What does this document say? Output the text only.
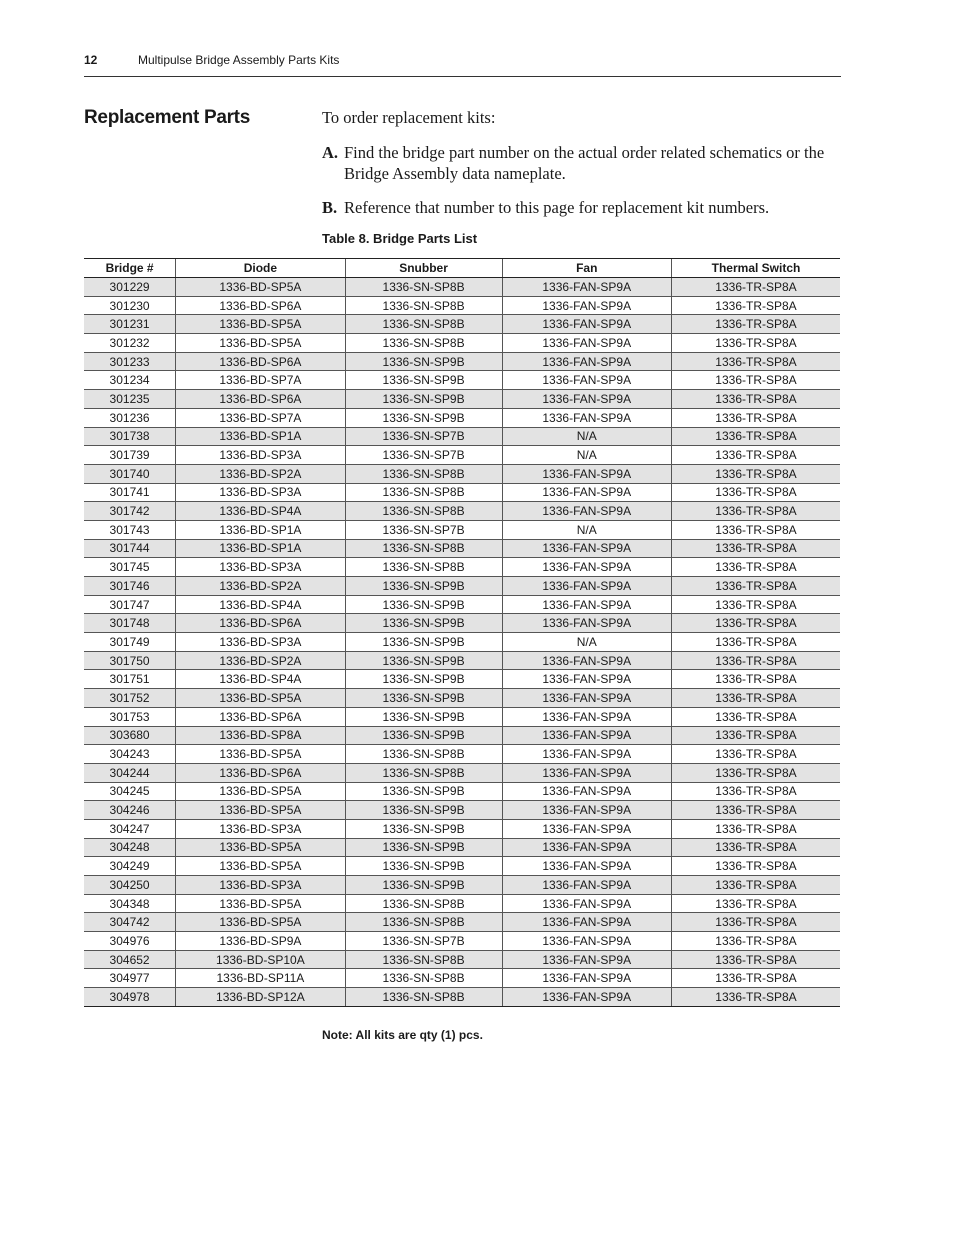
12	Multipulse Bridge Assembly Parts Kits
Replacement Parts	To order replacement kits:
A. Find the bridge part number on the actual order related schematics or the Bridge Assembly data nameplate.
B. Reference that number to this page for replacement kit numbers.
Table 8. Bridge Parts List
Bridge #	Diode	Snubber	Fan	Thermal Switch
301229	1336-BD-SP5A	1336-SN-SP8B	1336-FAN-SP9A	1336-TR-SP8A
301230	1336-BD-SP6A	1336-SN-SP8B	1336-FAN-SP9A	1336-TR-SP8A
301231	1336-BD-SP5A	1336-SN-SP8B	1336-FAN-SP9A	1336-TR-SP8A
301232	1336-BD-SP5A	1336-SN-SP8B	1336-FAN-SP9A	1336-TR-SP8A
301233	1336-BD-SP6A	1336-SN-SP9B	1336-FAN-SP9A	1336-TR-SP8A
301234	1336-BD-SP7A	1336-SN-SP9B	1336-FAN-SP9A	1336-TR-SP8A
301235	1336-BD-SP6A	1336-SN-SP9B	1336-FAN-SP9A	1336-TR-SP8A
301236	1336-BD-SP7A	1336-SN-SP9B	1336-FAN-SP9A	1336-TR-SP8A
301738	1336-BD-SP1A	1336-SN-SP7B	N/A	1336-TR-SP8A
301739	1336-BD-SP3A	1336-SN-SP7B	N/A	1336-TR-SP8A
301740	1336-BD-SP2A	1336-SN-SP8B	1336-FAN-SP9A	1336-TR-SP8A
301741	1336-BD-SP3A	1336-SN-SP8B	1336-FAN-SP9A	1336-TR-SP8A
301742	1336-BD-SP4A	1336-SN-SP8B	1336-FAN-SP9A	1336-TR-SP8A
301743	1336-BD-SP1A	1336-SN-SP7B	N/A	1336-TR-SP8A
301744	1336-BD-SP1A	1336-SN-SP8B	1336-FAN-SP9A	1336-TR-SP8A
301745	1336-BD-SP3A	1336-SN-SP8B	1336-FAN-SP9A	1336-TR-SP8A
301746	1336-BD-SP2A	1336-SN-SP9B	1336-FAN-SP9A	1336-TR-SP8A
301747	1336-BD-SP4A	1336-SN-SP9B	1336-FAN-SP9A	1336-TR-SP8A
301748	1336-BD-SP6A	1336-SN-SP9B	1336-FAN-SP9A	1336-TR-SP8A
301749	1336-BD-SP3A	1336-SN-SP9B	N/A	1336-TR-SP8A
301750	1336-BD-SP2A	1336-SN-SP9B	1336-FAN-SP9A	1336-TR-SP8A
301751	1336-BD-SP4A	1336-SN-SP9B	1336-FAN-SP9A	1336-TR-SP8A
301752	1336-BD-SP5A	1336-SN-SP9B	1336-FAN-SP9A	1336-TR-SP8A
301753	1336-BD-SP6A	1336-SN-SP9B	1336-FAN-SP9A	1336-TR-SP8A
303680	1336-BD-SP8A	1336-SN-SP9B	1336-FAN-SP9A	1336-TR-SP8A
304243	1336-BD-SP5A	1336-SN-SP8B	1336-FAN-SP9A	1336-TR-SP8A
304244	1336-BD-SP6A	1336-SN-SP8B	1336-FAN-SP9A	1336-TR-SP8A
304245	1336-BD-SP5A	1336-SN-SP9B	1336-FAN-SP9A	1336-TR-SP8A
304246	1336-BD-SP5A	1336-SN-SP9B	1336-FAN-SP9A	1336-TR-SP8A
304247	1336-BD-SP3A	1336-SN-SP9B	1336-FAN-SP9A	1336-TR-SP8A
304248	1336-BD-SP5A	1336-SN-SP9B	1336-FAN-SP9A	1336-TR-SP8A
304249	1336-BD-SP5A	1336-SN-SP9B	1336-FAN-SP9A	1336-TR-SP8A
304250	1336-BD-SP3A	1336-SN-SP9B	1336-FAN-SP9A	1336-TR-SP8A
304348	1336-BD-SP5A	1336-SN-SP8B	1336-FAN-SP9A	1336-TR-SP8A
304742	1336-BD-SP5A	1336-SN-SP8B	1336-FAN-SP9A	1336-TR-SP8A
304976	1336-BD-SP9A	1336-SN-SP7B	1336-FAN-SP9A	1336-TR-SP8A
304652	1336-BD-SP10A	1336-SN-SP8B	1336-FAN-SP9A	1336-TR-SP8A
304977	1336-BD-SP11A	1336-SN-SP8B	1336-FAN-SP9A	1336-TR-SP8A
304978	1336-BD-SP12A	1336-SN-SP8B	1336-FAN-SP9A	1336-TR-SP8A
Note: All kits are qty (1) pcs.
